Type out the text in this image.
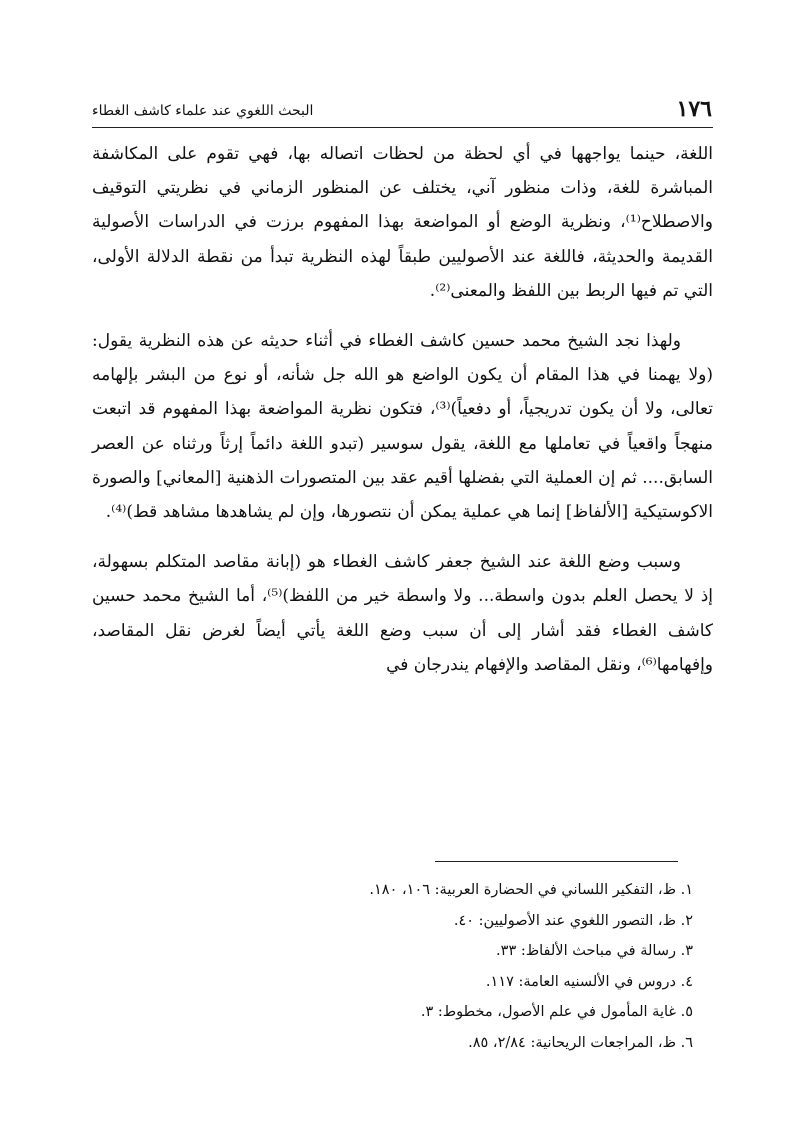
١٧٦
البحث اللغوي عند علماء كاشف الغطاء

اللغة، حينما يواجهها في أي لحظة من لحظات اتصاله بها، فهي تقوم على المكاشفة المباشرة للغة، وذات منظور آني، يختلف عن المنظور الزماني في نظريتي التوقيف والاصطلاح⁽¹⁾، ونظرية الوضع أو المواضعة بهذا المفهوم برزت في الدراسات الأصولية القديمة والحديثة، فاللغة عند الأصوليين طبقاً لهذه النظرية تبدأ من نقطة الدلالة الأولى، التي تم فيها الربط بين اللفظ والمعنى⁽²⁾.

ولهذا نجد الشيخ محمد حسين كاشف الغطاء في أثناء حديثه عن هذه النظرية يقول: (ولا يهمنا في هذا المقام أن يكون الواضع هو الله جل شأنه، أو نوع من البشر بإلهامه تعالى، ولا أن يكون تدريجياً، أو دفعياً)⁽³⁾، فتكون نظرية المواضعة بهذا المفهوم قد اتبعت منهجاً واقعياً في تعاملها مع اللغة، يقول سوسير (تبدو اللغة دائماً إرثاً ورثناه عن العصر السابق.... ثم إن العملية التي بفضلها أقيم عقد بين المتصورات الذهنية [المعاني] والصورة الاكوستيكية [الألفاظ] إنما هي عملية يمكن أن نتصورها، وإن لم يشاهدها مشاهد قط)⁽⁴⁾.

وسبب وضع اللغة عند الشيخ جعفر كاشف الغطاء هو (إبانة مقاصد المتكلم بسهولة، إذ لا يحصل العلم بدون واسطة... ولا واسطة خير من اللفظ)⁽⁵⁾، أما الشيخ محمد حسين كاشف الغطاء فقد أشار إلى أن سبب وضع اللغة يأتي أيضاً لغرض نقل المقاصد، وإفهامها⁽⁶⁾، ونقل المقاصد والإفهام يندرجان في

١. ظ، التفكير اللساني في الحضارة العربية: ١٠٦، ١٨٠.
٢. ظ، التصور اللغوي عند الأصوليين: ٤٠.
٣. رسالة في مباحث الألفاظ: ٣٣.
٤. دروس في الألسنيه العامة: ١١٧.
٥. غاية المأمول في علم الأصول، مخطوط: ٣.
٦. ظ، المراجعات الريحانية: ٢/٨٤، ٨٥.
